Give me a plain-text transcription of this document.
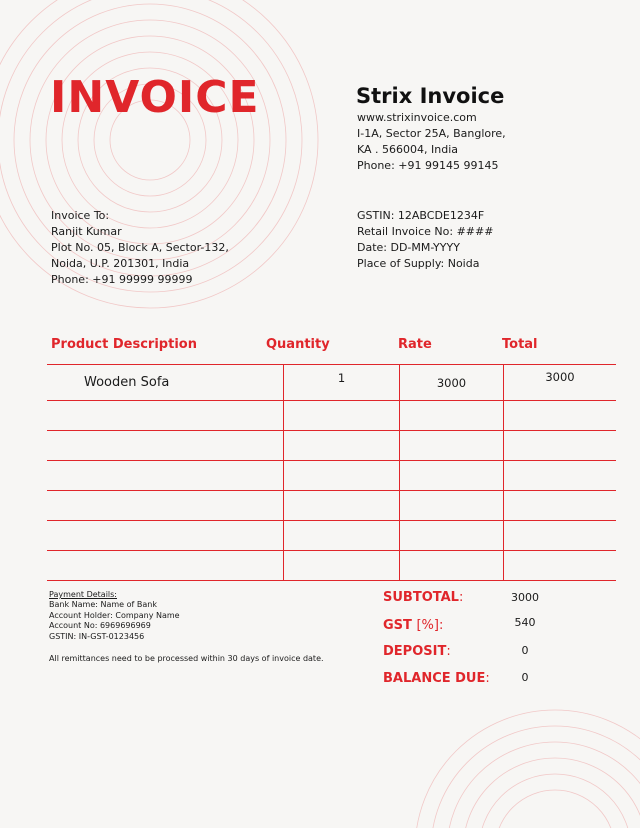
INVOICE	Strix Invoice
www.strixinvoice.com
I-1A, Sector 25A, Banglore,
KA . 566004, India
Phone: +91 99145 99145
Invoice To:
Ranjit Kumar
Plot No. 05, Block A, Sector-132,
Noida, U.P. 201301, India
Phone: +91 99999 99999
GSTIN: 12ABCDE1234F
Retail Invoice No: ####
Date: DD-MM-YYYY
Place of Supply: Noida
Product Description	Quantity	Rate	Total
Wooden Sofa	1	3000	3000

Payment Details:
Bank Name: Name of Bank
Account Holder: Company Name
Account No: 6969696969
GSTIN: IN-GST-0123456
All remittances need to be processed within 30 days of invoice date.
SUBTOTAL:	3000
GST [%]:	540
DEPOSIT:	0
BALANCE DUE:	0
